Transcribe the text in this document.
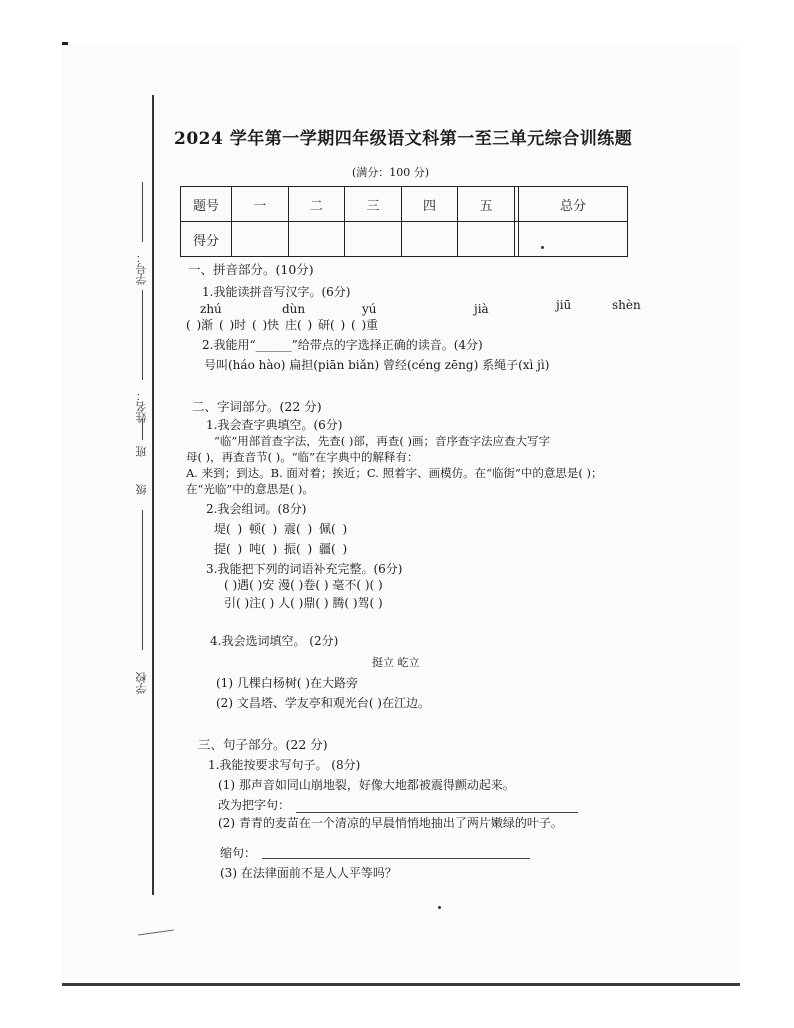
学号：
姓名：
班
级
学校
2024 学年第一学期四年级语文科第一至三单元综合训练题
(满分：100 分)
题号	一	二	三	四	五		总分
得分							
一、拼音部分。(10分)
1.我能读拼音写汉字。(6分)
zhú	dùn	yú	jià	jiū	shèn
( )渐 ( )时 ( )快 庄( ) 研( ) ( )重
2.我能用“______”给带点的字选择正确的读音。(4分)
号叫(háo hào) 扁担(piān biǎn) 曾经(céng zēng) 系绳子(xì jì)
二、字词部分。(22 分)
1.我会查字典填空。(6分)
“临”用部首查字法，先查( )部，再查( )画；音序查字法应查大写字
母( )，再查音节( )。“临”在字典中的解释有：
A. 来到；到达。B. 面对着；挨近；C. 照着字、画模仿。在“临街”中的意思是( )；
在“光临”中的意思是( )。
2.我会组词。(8分)
堤( ) 顿( ) 震( ) 佩( )
提( ) 吨( ) 振( ) 疆( )
3.我能把下列的词语补充完整。(6分)
( )遇( )安 漫( )卷( ) 毫不( )( )
引( )注( ) 人( )鼎( ) 腾( )驾( )
4.我会选词填空。 (2分)
挺立 屹立
(1) 几棵白杨树( )在大路旁
(2) 文昌塔、学友亭和观光台( )在江边。
三、句子部分。(22 分)
1.我能按要求写句子。 (8分)
(1) 那声音如同山崩地裂，好像大地都被震得颤动起来。
改为把字句：
(2) 青青的麦苗在一个清凉的早晨悄悄地抽出了两片嫩绿的叶子。
缩句：
(3) 在法律面前不是人人平等吗？
